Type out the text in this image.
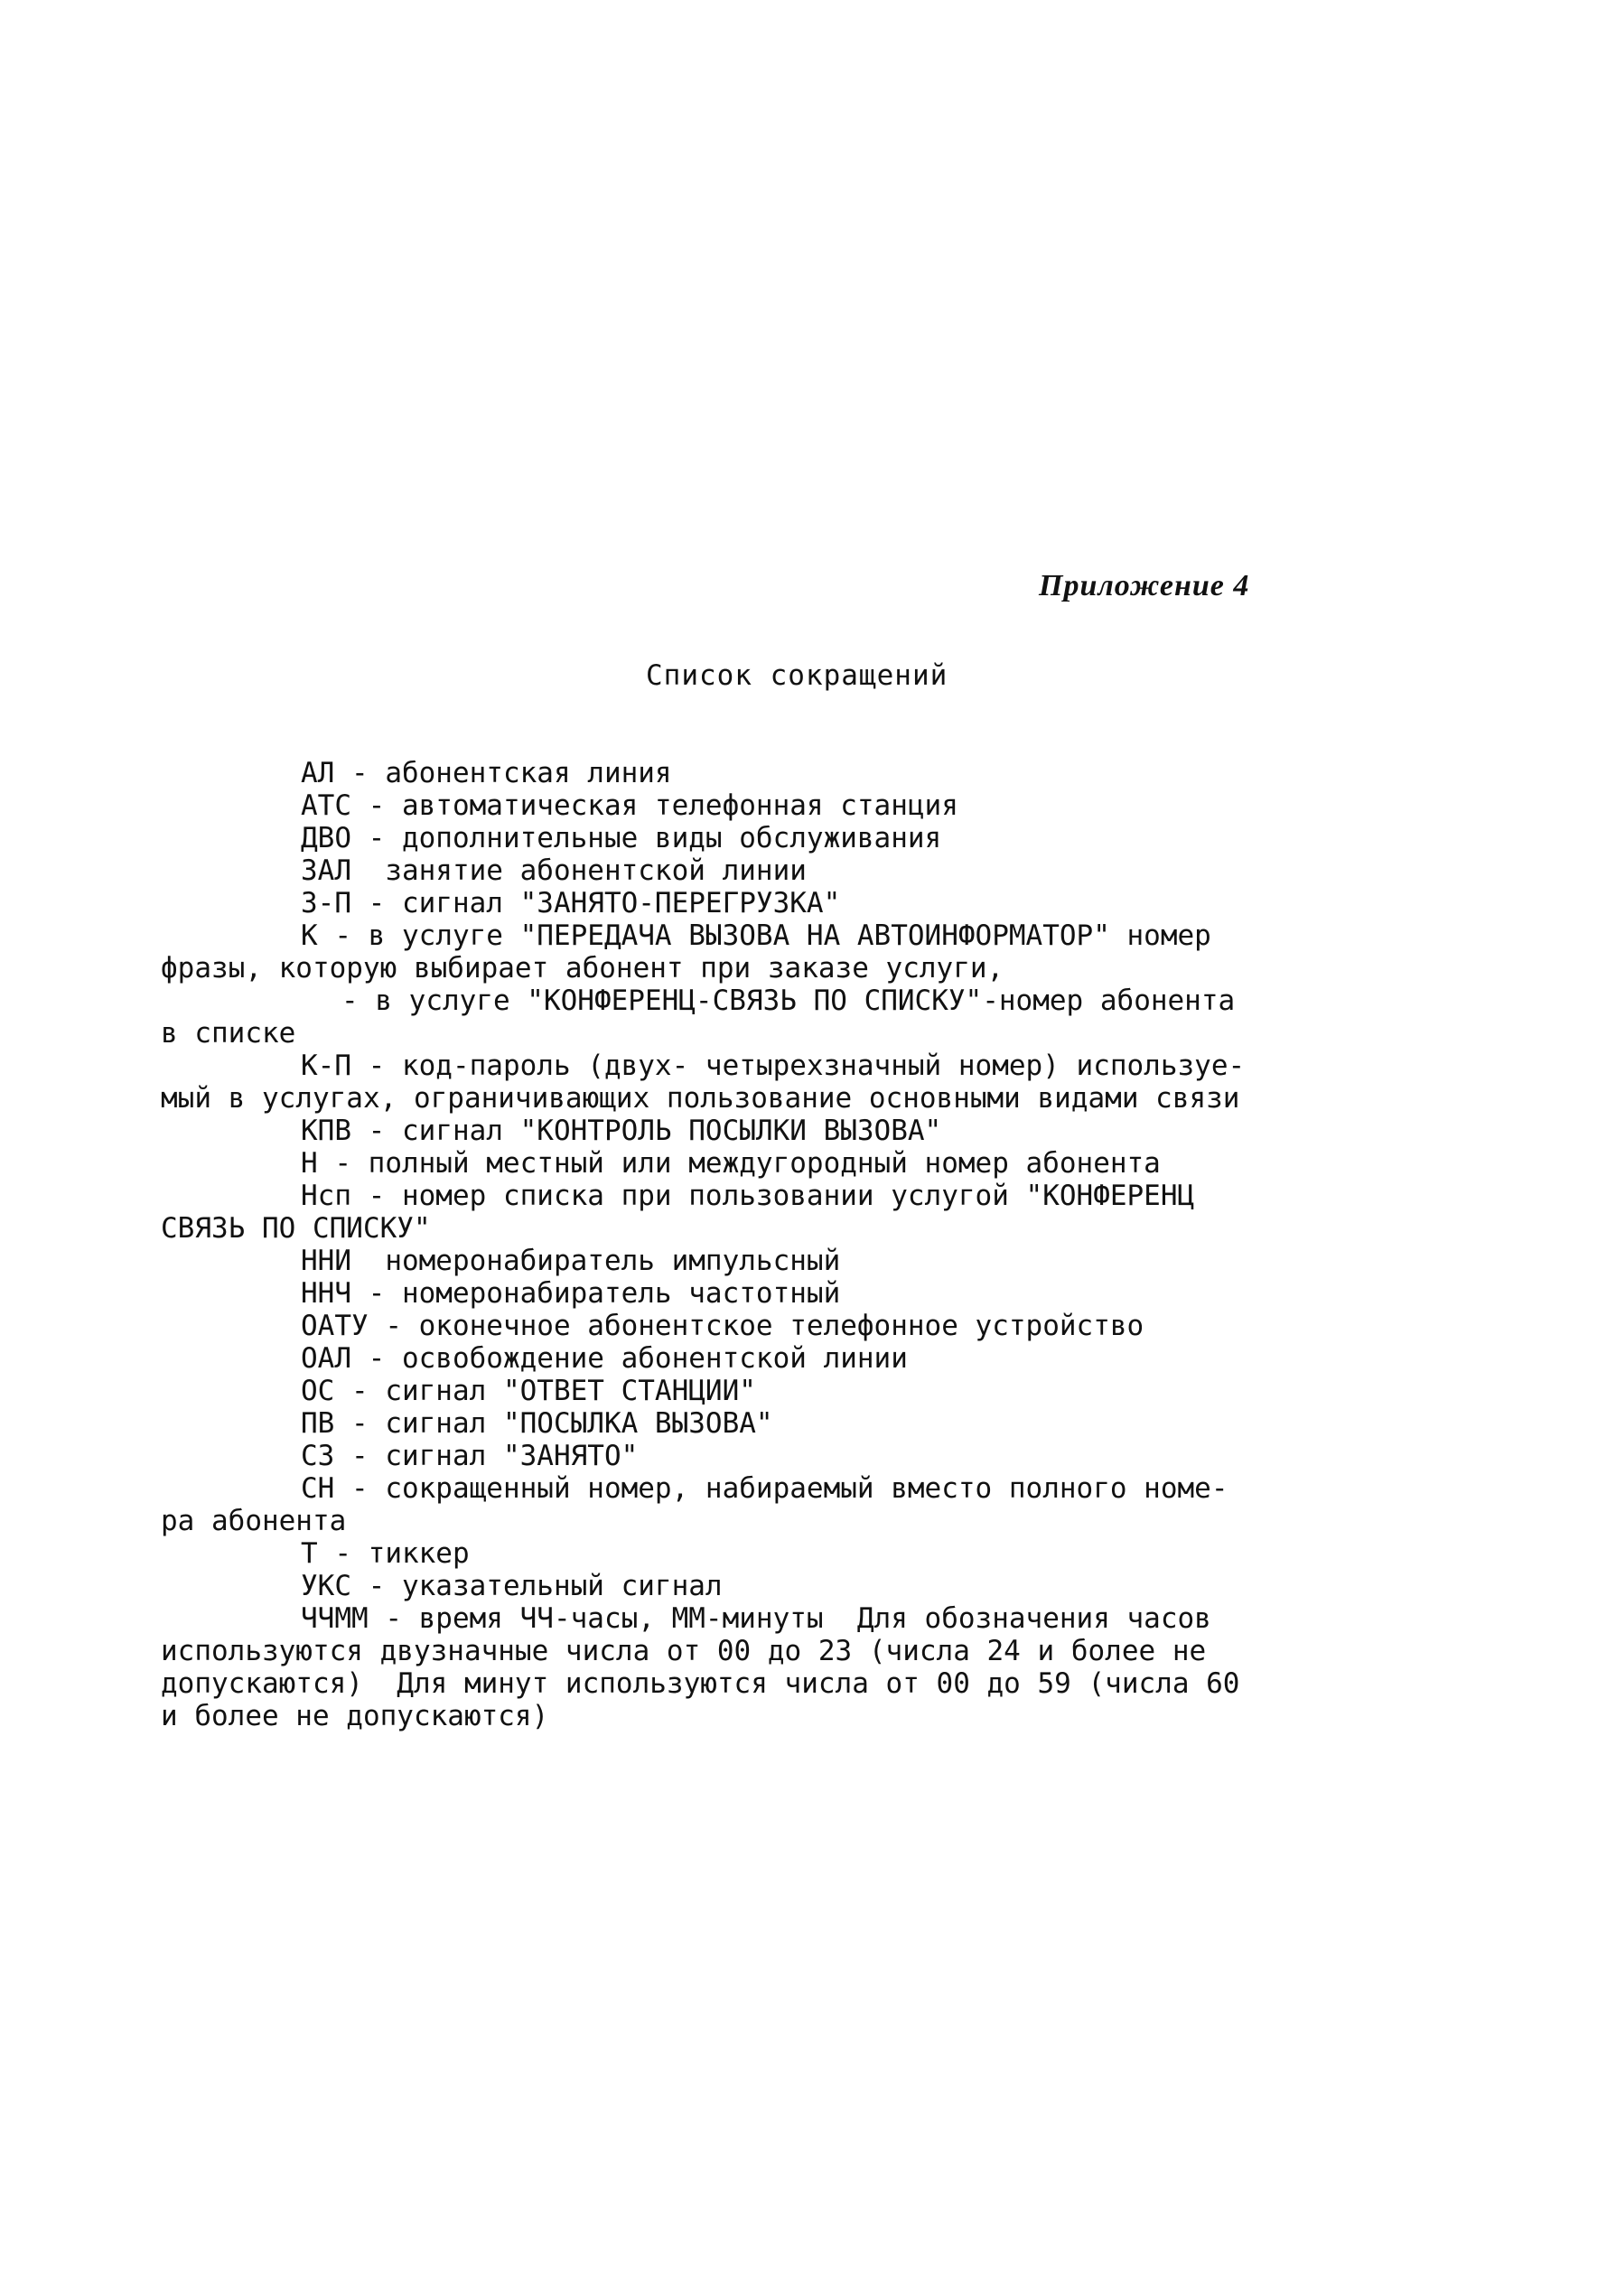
Приложение 4
Список сокращений
АЛ - абонентская линия
АТС - автоматическая телефонная станция
ДВО - дополнительные виды обслуживания
ЗАЛ  занятие абонентской линии
З-П - сигнал "ЗАНЯТО-ПЕРЕГРУЗКА"
К - в услуге "ПЕРЕДАЧА ВЫЗОВА НА АВТОИНФОРМАТОР" номер
фразы, которую выбирает абонент при заказе услуги,
- в услуге "КОНФЕРЕНЦ-СВЯЗЬ ПО СПИСКУ"-номер абонента
в списке
К-П - код-пароль (двух- четырехзначный номер) используе-
мый в услугах, ограничивающих пользование основными видами связи
КПВ - сигнал "КОНТРОЛЬ ПОСЫЛКИ ВЫЗОВА"
Н - полный местный или междугородный номер абонента
Нсп - номер списка при пользовании услугой "КОНФЕРЕНЦ
СВЯЗЬ ПО СПИСКУ"
ННИ  номеронабиратель импульсный
ННЧ - номеронабиратель частотный
ОАТУ - оконечное абонентское телефонное устройство
ОАЛ - освобождение абонентской линии
ОС - сигнал "ОТВЕТ СТАНЦИИ"
ПВ - сигнал "ПОСЫЛКА ВЫЗОВА"
СЗ - сигнал "ЗАНЯТО"
СН - сокращенный номер, набираемый вместо полного номе-
ра абонента
Т - тиккер
УКС - указательный сигнал
ЧЧММ - время ЧЧ-часы, ММ-минуты  Для обозначения часов
используются двузначные числа от 00 до 23 (числа 24 и более не
допускаются)  Для минут используются числа от 00 до 59 (числа 60
и более не допускаются)
